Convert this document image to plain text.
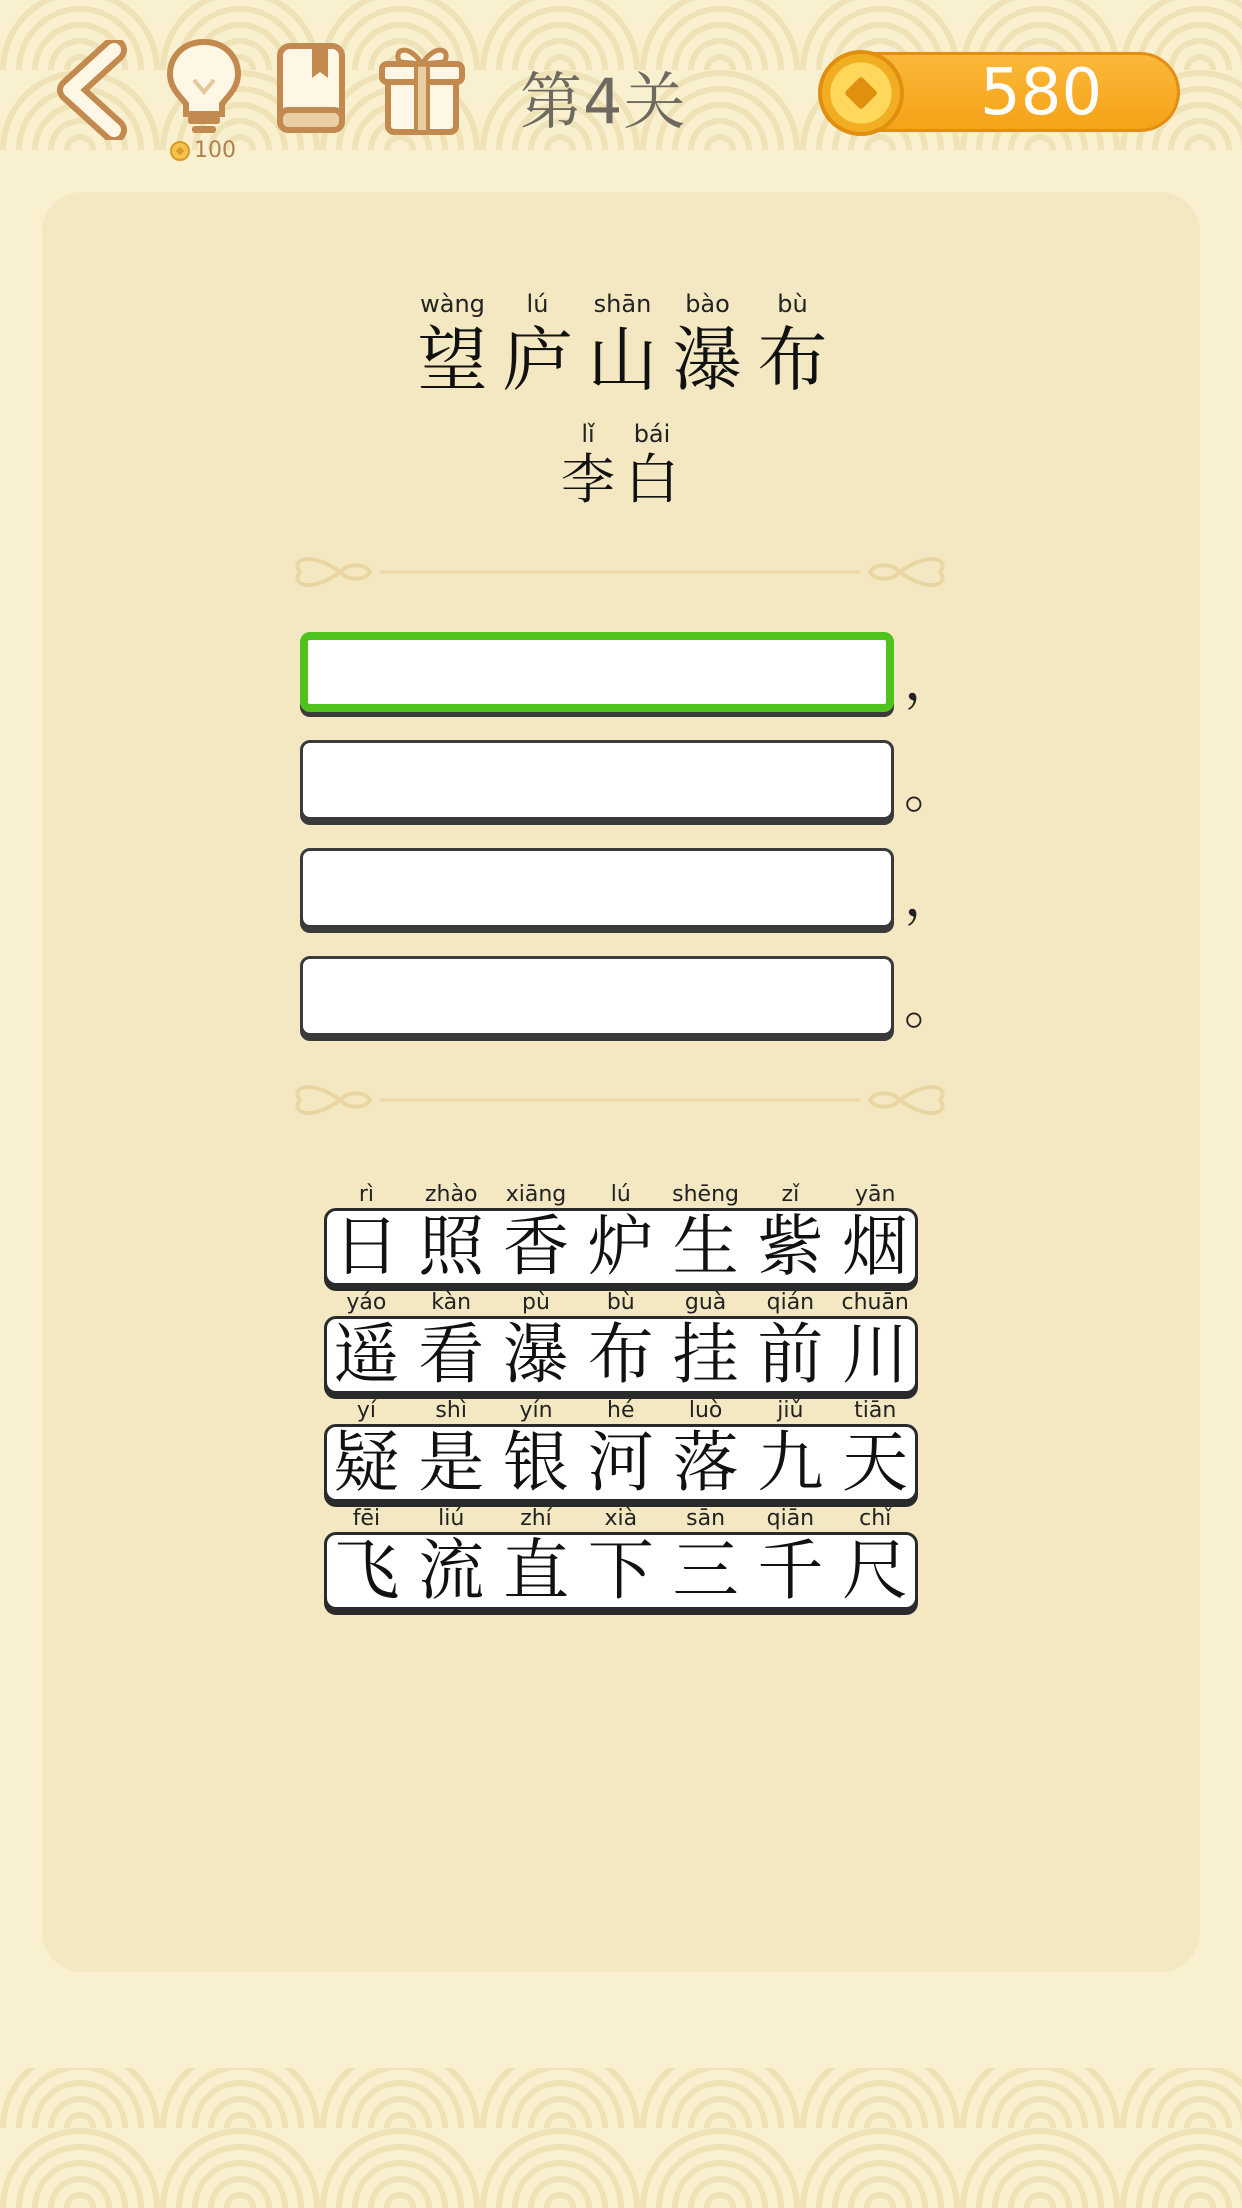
100
第4关	580
wàng
望
lú
庐
shān
山
bào
瀑
bù
布
lǐ
李
bái
白
，
。
，
。
rì
日
zhào
照
xiāng
香
lú
炉
shēng
生
zǐ
紫
yān
烟
yáo
遥
kàn
看
pù
瀑
bù
布
guà
挂
qián
前
chuān
川
yí
疑
shì
是
yín
银
hé
河
luò
落
jiǔ
九
tiān
天
fēi
飞
liú
流
zhí
直
xià
下
sān
三
qiān
千
chǐ
尺
